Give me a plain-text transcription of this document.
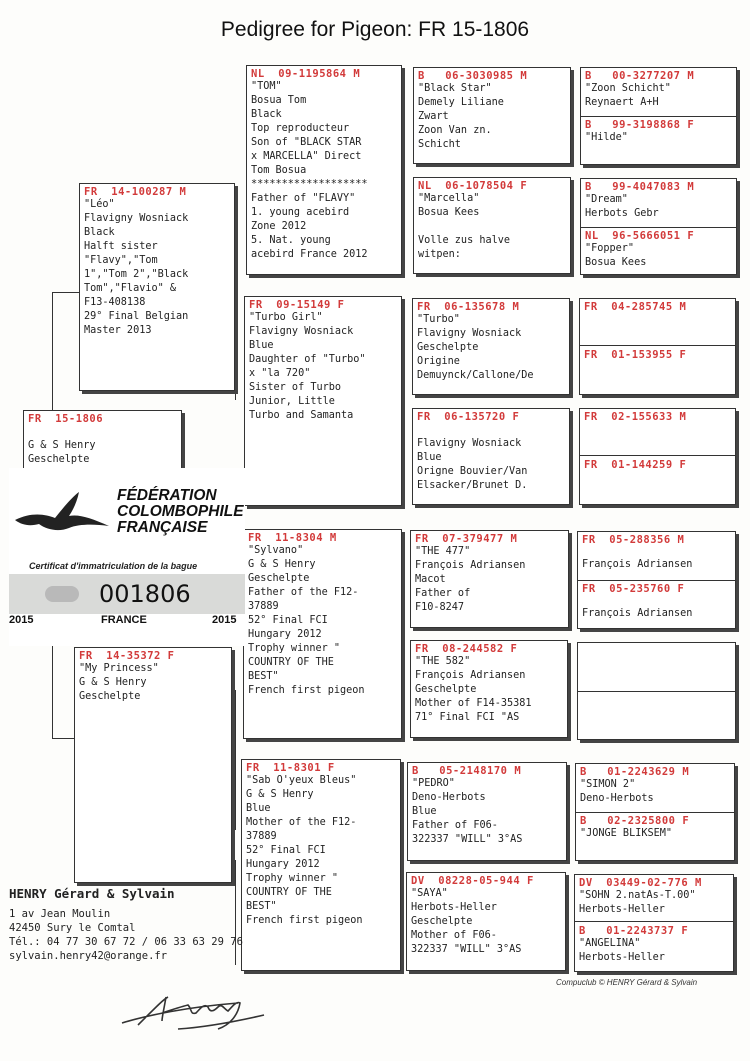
Pedigree for Pigeon: FR 15-1806
FR  15-1806
G & S Henry
Geschelpte
FR  14-100287 M
"Léo"
Flavigny Wosniack
Black
Halft sister
"Flavy","Tom
1","Tom 2","Black
Tom","Flavio" &
F13-408138
29° Final Belgian
Master 2013
FR  14-35372 F
"My Princess"
G & S Henry
Geschelpte
NL  09-1195864 M
"TOM"
Bosua Tom
Black
Top reproducteur
Son of "BLACK STAR
x MARCELLA" Direct
Tom Bosua
*******************
Father of "FLAVY"
1. young acebird
Zone 2012
5. Nat. young
acebird France 2012
FR  09-15149 F
"Turbo Girl"
Flavigny Wosniack
Blue
Daughter of "Turbo"
x "la 720"
Sister of Turbo
Junior, Little
Turbo and Samanta
FR  11-8304 M
"Sylvano"
G & S Henry
Geschelpte
Father of the F12-
37889
52° Final FCI
Hungary 2012
Trophy winner "
COUNTRY OF THE
BEST"
French first pigeon
FR  11-8301 F
"Sab O'yeux Bleus"
G & S Henry
Blue
Mother of the F12-
37889
52° Final FCI
Hungary 2012
Trophy winner "
COUNTRY OF THE
BEST"
French first pigeon
B   06-3030985 M
"Black Star"
Demely Liliane
Zwart
Zoon Van zn.
Schicht
NL  06-1078504 F
"Marcella"
Bosua Kees

Volle zus halve
witpen:
FR  06-135678 M
"Turbo"
Flavigny Wosniack
Geschelpte
Origine
Demuynck/Callone/De
FR  06-135720 F

Flavigny Wosniack
Blue
Origne Bouvier/Van
Elsacker/Brunet D.
FR  07-379477 M
"THE 477"
François Adriansen
Macot
Father of
F10-8247
FR  08-244582 F
"THE 582"
François Adriansen
Geschelpte
Mother of F14-35381
71° Final FCI "AS
B   05-2148170 M
"PEDRO"
Deno-Herbots
Blue
Father of F06-
322337 "WILL" 3°AS
DV  08228-05-944 F
"SAYA"
Herbots-Heller
Geschelpte
Mother of F06-
322337 "WILL" 3°AS
B   00-3277207 M
"Zoon Schicht"
Reynaert A+H
B   99-3198868 F
"Hilde"
B   99-4047083 M
"Dream"
Herbots Gebr
NL  96-5666051 F
"Fopper"
Bosua Kees
FR  04-285745 M
FR  01-153955 F
FR  02-155633 M
FR  01-144259 F
FR  05-288356 M
François Adriansen
FR  05-235760 F
François Adriansen
B   01-2243629 M
"SIMON 2"
Deno-Herbots
B   02-2325800 F
"JONGE BLIKSEM"
DV  03449-02-776 M
"SOHN 2.natAs-T.00"
Herbots-Heller
B   01-2243737 F
"ANGELINA"
Herbots-Heller
FÉDÉRATION
COLOMBOPHILE
FRANÇAISE
Certificat d'immatriculation de la bague
001806
2015	FRANCE	2015
HENRY Gérard & Sylvain
1 av Jean Moulin
42450 Sury le Comtal
Tél.: 04 77 30 67 72 / 06 33 63 29 76
sylvain.henry42@orange.fr
Compuclub © HENRY Gérard & Sylvain
